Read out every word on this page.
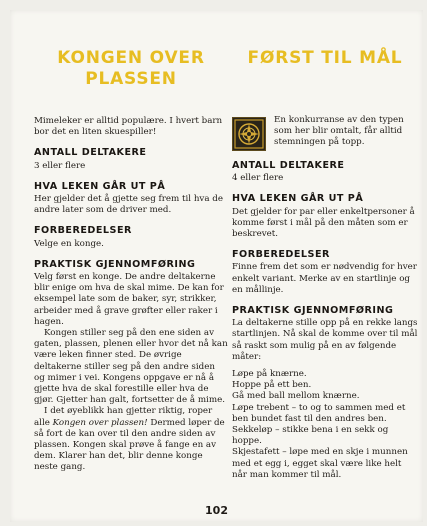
KONGEN OVER
PLASSEN

Mimeleker er alltid populære. I hvert barn bor det en liten skuespiller!

ANTALL DELTAKERE

3 eller flere

HVA LEKEN GÅR UT PÅ

Her gjelder det å gjette seg frem til hva de andre later som de driver med.

FORBEREDELSER

Velge en konge.

PRAKTISK GJENNOMFØRING

Velg først en konge. De andre deltakerne blir enige om hva de skal mime. De kan for eksempel late som de baker, syr, strikker, arbeider med å grave grøfter eller raker i hagen.

Kongen stiller seg på den ene siden av gaten, plassen, plenen eller hvor det nå kan være leken finner sted. De øvrige deltakerne stiller seg på den andre siden og mimer i vei. Kongens oppgave er nå å gjette hva de skal forestille eller hva de gjør. Gjetter han galt, fortsetter de å mime.

I det øyeblikk han gjetter riktig, roper alle Kongen over plassen! Dermed løper de så fort de kan over til den andre siden av plassen. Kongen skal prøve å fange en av dem. Klarer han det, blir denne konge neste gang.

FØRST TIL MÅL
En konkurranse av den typen som her blir omtalt, får alltid stemningen på topp.
ANTALL DELTAKERE

4 eller flere

HVA LEKEN GÅR UT PÅ

Det gjelder for par eller enkeltpersoner å komme først i mål på den måten som er beskrevet.

FORBEREDELSER

Finne frem det som er nødvendig for hver enkelt variant. Merke av en startlinje og en mållinje.

PRAKTISK GJENNOMFØRING

La deltakerne stille opp på en rekke langs startlinjen. Nå skal de komme over til mål så raskt som mulig på en av følgende måter:

Løpe på knærne.

Hoppe på ett ben.

Gå med ball mellom knærne.

Løpe trebent – to og to sammen med et ben bundet fast til den andres ben.

Sekkeløp – stikke bena i en sekk og hoppe.

Skjestafett – løpe med en skje i munnen med et egg i, egget skal være like helt når man kommer til mål.

102
